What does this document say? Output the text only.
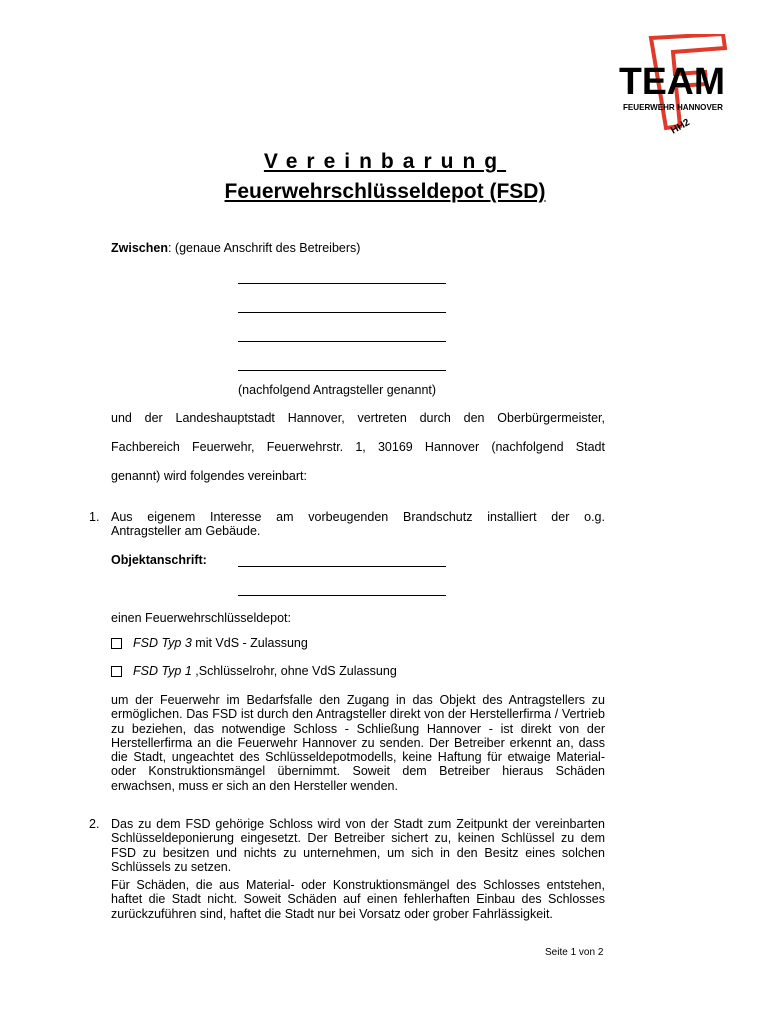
TEAM
FEUERWEHR HANNOVER
HH2
Vereinbarung
Feuerwehrschlüsseldepot (FSD)
Zwischen: (genaue Anschrift des Betreibers)
(nachfolgend Antragsteller genannt)
und der Landeshauptstadt Hannover, vertreten durch den Oberbürgermeister,
Fachbereich Feuerwehr, Feuerwehrstr. 1, 30169 Hannover (nachfolgend Stadt
genannt) wird folgendes vereinbart:
1. Aus eigenem Interesse am vorbeugenden Brandschutz installiert der o.g.
Antragsteller am Gebäude.
Objektanschrift:
einen Feuerwehrschlüsseldepot:
FSD Typ 3 mit VdS - Zulassung
FSD Typ 1 ,Schlüsselrohr, ohne VdS Zulassung
um der Feuerwehr im Bedarfsfalle den Zugang in das Objekt des Antragstellers zu ermöglichen. Das FSD ist durch den Antragsteller direkt von der Herstellerfirma / Vertrieb zu beziehen, das notwendige Schloss - Schließung Hannover - ist direkt von der Herstellerfirma an die Feuerwehr Hannover zu senden. Der Betreiber erkennt an, dass die Stadt, ungeachtet des Schlüsseldepotmodells, keine Haftung für etwaige Material- oder Konstruktionsmängel übernimmt. Soweit dem Betreiber hieraus Schäden erwachsen, muss er sich an den Hersteller wenden.
2. Das zu dem FSD gehörige Schloss wird von der Stadt zum Zeitpunkt der vereinbarten Schlüsseldeponierung eingesetzt. Der Betreiber sichert zu, keinen Schlüssel zu dem FSD zu besitzen und nichts zu unternehmen, um sich in den Besitz eines solchen Schlüssels zu setzen.
Für Schäden, die aus Material- oder Konstruktionsmängel des Schlosses entstehen, haftet die Stadt nicht. Soweit Schäden auf einen fehlerhaften Einbau des Schlosses zurückzuführen sind, haftet die Stadt nur bei Vorsatz oder grober Fahrlässigkeit.
Seite 1 von 2
